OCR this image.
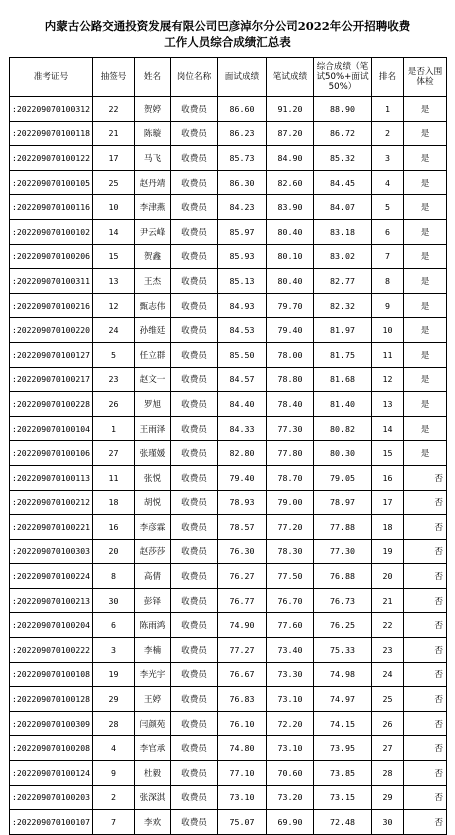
内蒙古公路交通投资发展有限公司巴彦淖尔分公司2022年公开招聘收费
工作人员综合成绩汇总表
准考证号	抽签号	姓名	岗位名称	面试成绩	笔试成绩	综合成绩（笔试50%+面试50%）	排名	是否入围体检
:20220907010031​2	22	贺婷	收费员	86.60	91.20	88.90	1	是
:202209070100118	21	陈璇	收费员	86.23	87.20	86.72	2	是
:202209070100122	17	马飞	收费员	85.73	84.90	85.32	3	是
:202209070100105	25	赵丹靖	收费员	86.30	82.60	84.45	4	是
:202209070100116	10	李津燕	收费员	84.23	83.90	84.07	5	是
:202209070100102	14	尹云峰	收费员	85.97	80.40	83.18	6	是
:202209070100206	15	贺鑫	收费员	85.93	80.10	83.02	7	是
:202209070100311	13	王杰	收费员	85.13	80.40	82.77	8	是
:202209070100216	12	甄志伟	收费员	84.93	79.70	82.32	9	是
:202209070100220	24	孙维廷	收费员	84.53	79.40	81.97	10	是
:202209070100127	5	任立群	收费员	85.50	78.00	81.75	11	是
:202209070100217	23	赵文一	收费员	84.57	78.80	81.68	12	是
:202209070100228	26	罗旭	收费员	84.40	78.40	81.40	13	是
:202209070100104	1	王雨泽	收费员	84.33	77.30	80.82	14	是
:202209070100106	27	张瑾媛	收费员	82.80	77.80	80.30	15	是
:202209070100113	11	张悦	收费员	79.40	78.70	79.05	16	否
:202209070100212	18	胡悦	收费员	78.93	79.00	78.97	17	否
:202209070100221	16	李彦霖	收费员	78.57	77.20	77.88	18	否
:202209070100303	20	赵莎莎	收费员	76.30	78.30	77.30	19	否
:202209070100224	8	高倩	收费员	76.27	77.50	76.88	20	否
:202209070100213	30	彭铎	收费员	76.77	76.70	76.73	21	否
:202209070100204	6	陈雨鸿	收费员	74.90	77.60	76.25	22	否
:202209070100222	3	李楠	收费员	77.27	73.40	75.33	23	否
:202209070100108	19	李光宇	收费员	76.67	73.30	74.98	24	否
:202209070100128	29	王婷	收费员	76.83	73.10	74.97	25	否
:202209070100309	28	闫颜苑	收费员	76.10	72.20	74.15	26	否
:202209070100208	4	李官承	收费员	74.80	73.10	73.95	27	否
:202209070100124	9	杜毅	收费员	77.10	70.60	73.85	28	否
:202209070100203	2	张深淇	收费员	73.10	73.20	73.15	29	否
:202209070100107	7	李欢	收费员	75.07	69.90	72.48	30	否
